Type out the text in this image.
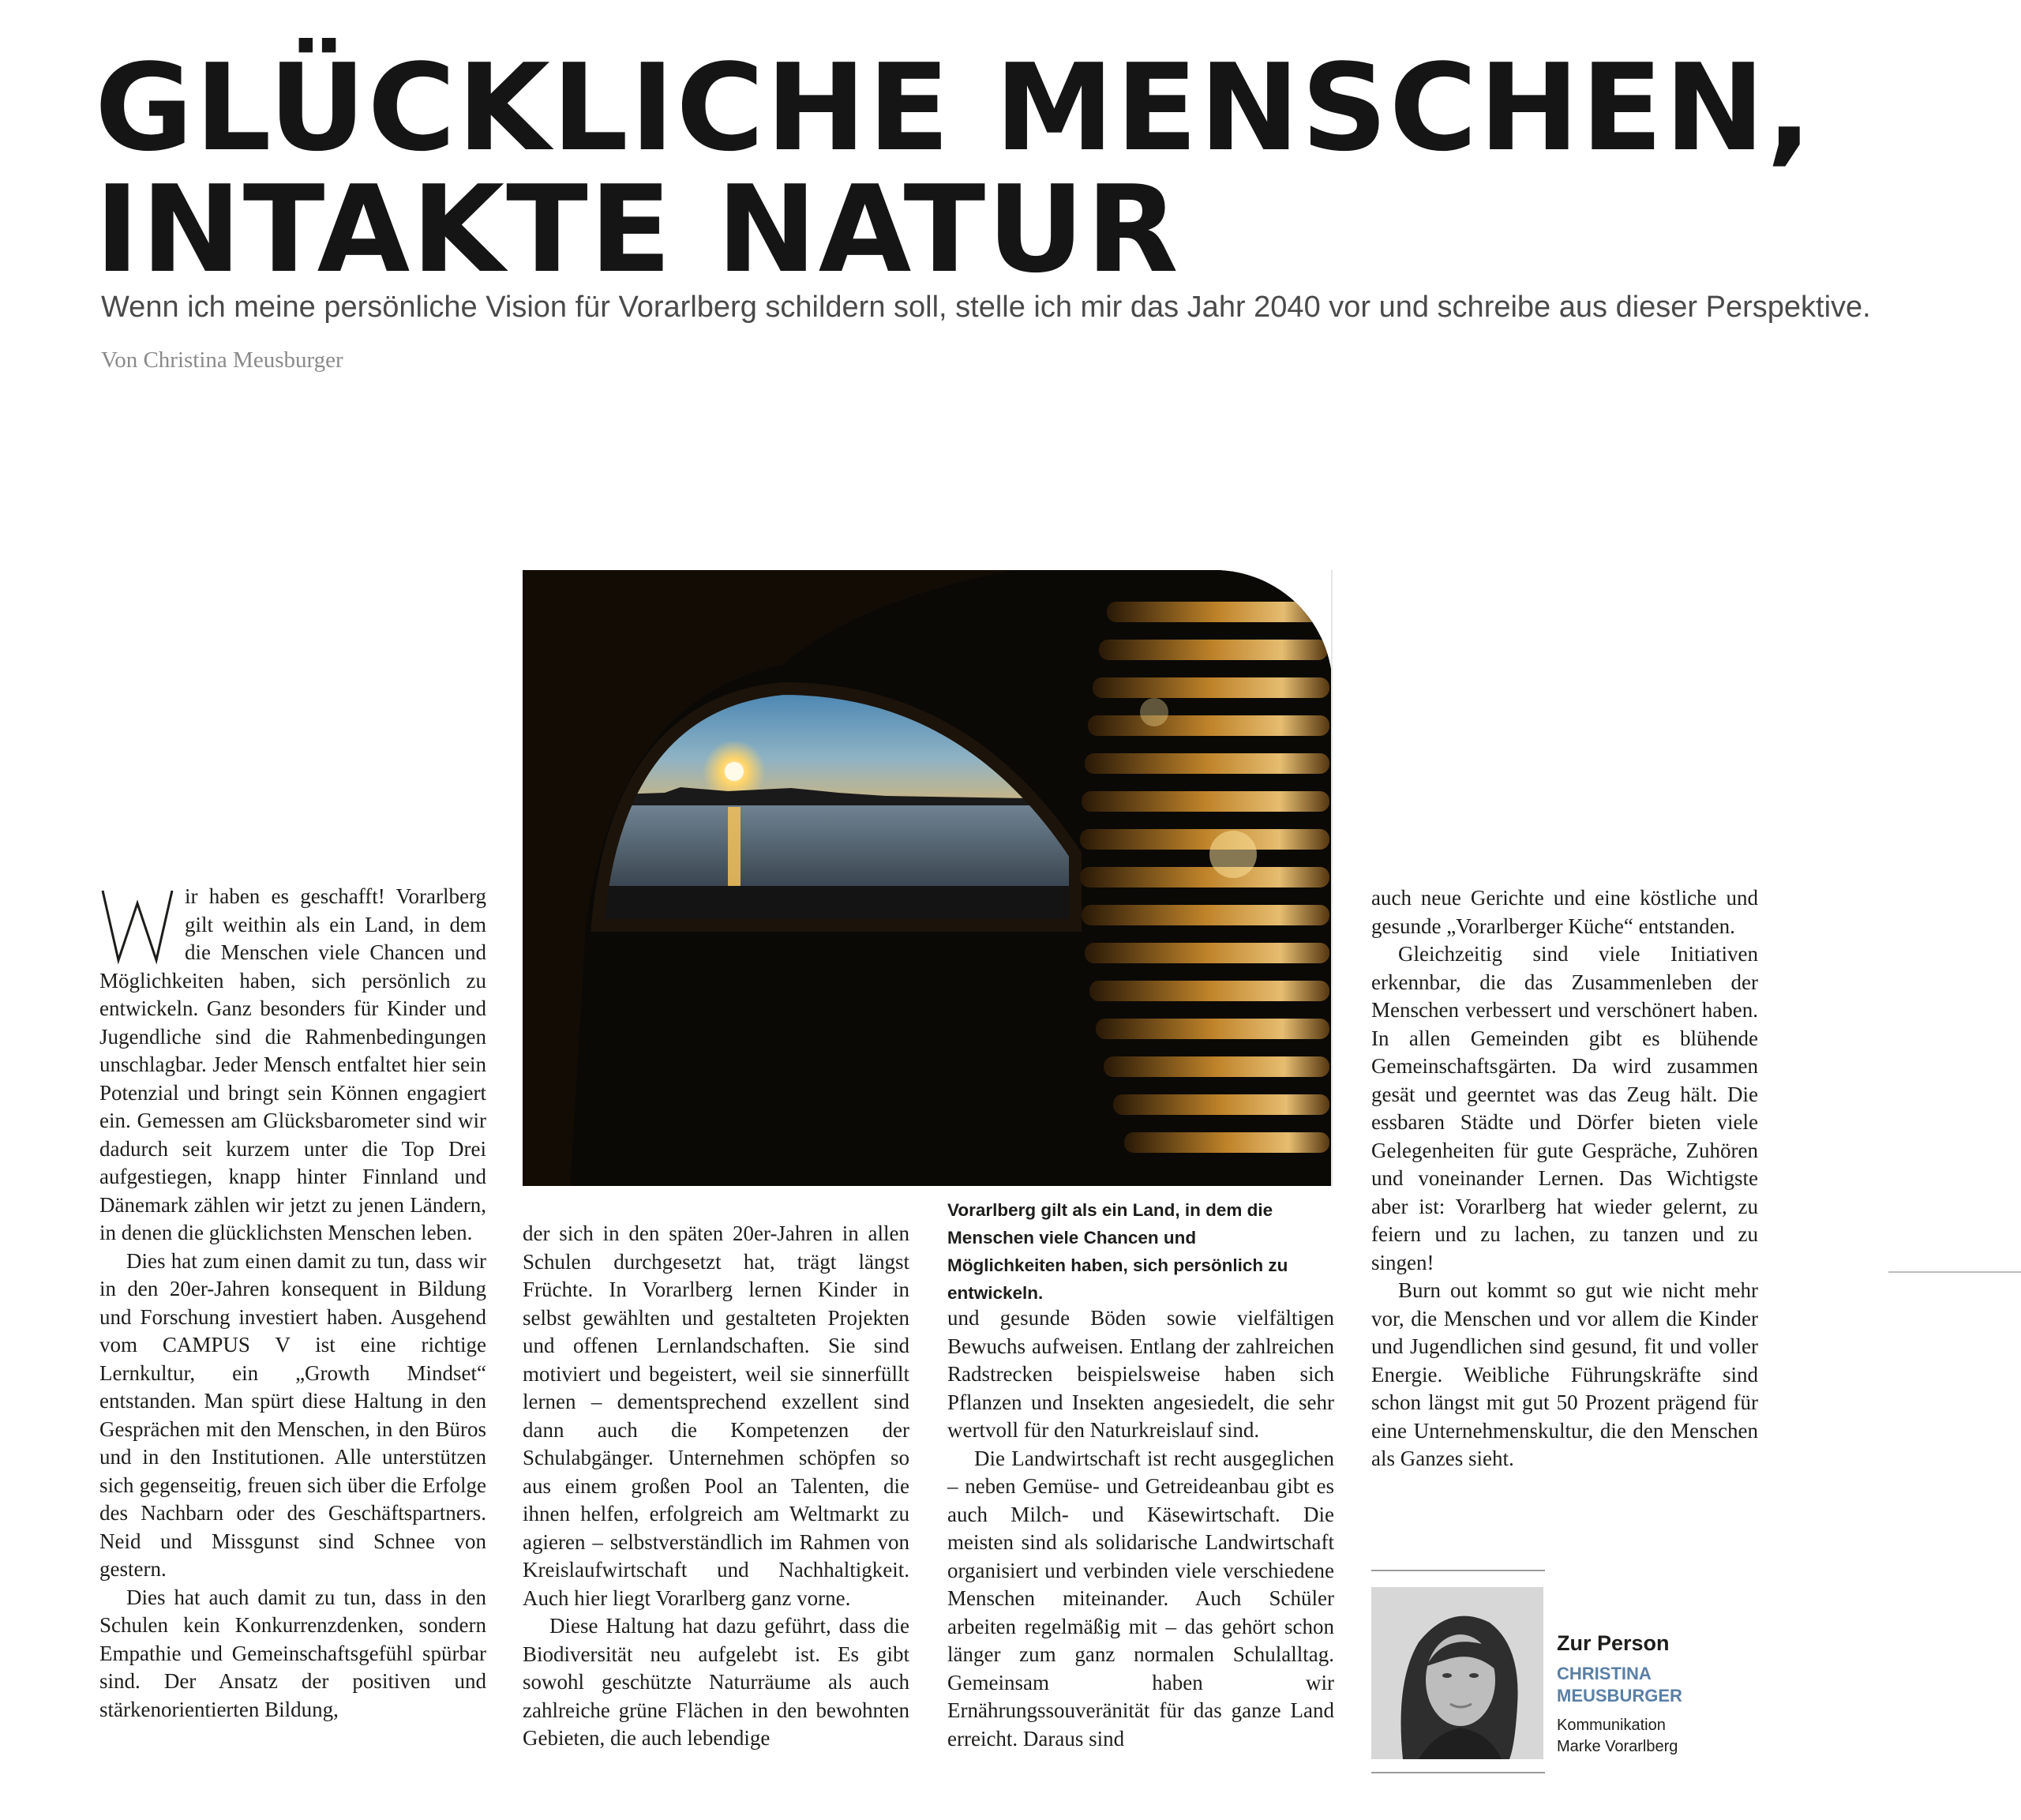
GLÜCKLICHE MENSCHEN,
INTAKTE NATUR

Wenn ich meine persönliche Vision für Vorarlberg schildern soll, stelle ich mir das Jahr 2040 vor und schreibe aus dieser Perspektive.

Von Christina Meusburger

Vorarlberg gilt als ein Land, in dem die Menschen viele Chancen und Möglichkeiten haben, sich persönlich zu entwickeln.

ir haben es geschafft! Vorarlberg gilt weithin als ein Land, in dem die Menschen viele Chancen und Möglichkeiten haben, sich persönlich zu entwickeln. Ganz besonders für Kinder und Jugendliche sind die Rahmenbedingungen unschlagbar. Jeder Mensch entfaltet hier sein Potenzial und bringt sein Können engagiert ein. Gemessen am Glücksbarometer sind wir dadurch seit kurzem unter die Top Drei aufgestiegen, knapp hinter Finnland und Dänemark zählen wir jetzt zu jenen Ländern, in denen die glücklichsten Menschen leben.

Dies hat zum einen damit zu tun, dass wir in den 20er-Jahren konsequent in Bildung und Forschung investiert haben. Ausgehend vom CAMPUS V ist eine richtige Lernkultur, ein „Growth Mindset“ entstanden. Man spürt diese Haltung in den Gesprächen mit den Menschen, in den Büros und in den Institutionen. Alle unterstützen sich gegenseitig, freuen sich über die Erfolge des Nachbarn oder des Geschäftspartners. Neid und Missgunst sind Schnee von gestern.

Dies hat auch damit zu tun, dass in den Schulen kein Konkurrenzdenken, sondern Empathie und Gemeinschaftsgefühl spürbar sind. Der Ansatz der positiven und stärkenorientierten Bildung,

der sich in den späten 20er-Jahren in allen Schulen durchgesetzt hat, trägt längst Früchte. In Vorarlberg lernen Kinder in selbst gewählten und gestalteten Projekten und offenen Lernlandschaften. Sie sind motiviert und begeistert, weil sie sinnerfüllt lernen – dementsprechend exzellent sind dann auch die Kompetenzen der Schulabgänger. Unternehmen schöpfen so aus einem großen Pool an Talenten, die ihnen helfen, erfolgreich am Weltmarkt zu agieren – selbstverständlich im Rahmen von Kreislaufwirtschaft und Nachhaltigkeit. Auch hier liegt Vorarlberg ganz vorne.

Diese Haltung hat dazu geführt, dass die Biodiversität neu aufgelebt ist. Es gibt sowohl geschützte Naturräume als auch zahlreiche grüne Flächen in den bewohnten Gebieten, die auch lebendige

und gesunde Böden sowie vielfältigen Bewuchs aufweisen. Entlang der zahlreichen Radstrecken beispielsweise haben sich Pflanzen und Insekten angesiedelt, die sehr wertvoll für den Naturkreislauf sind.

Die Landwirtschaft ist recht ausgeglichen – neben Gemüse- und Getreideanbau gibt es auch Milch- und Käsewirtschaft. Die meisten sind als solidarische Landwirtschaft organisiert und verbinden viele verschiedene Menschen miteinander. Auch Schüler arbeiten regelmäßig mit – das gehört schon länger zum ganz normalen Schulalltag. Gemeinsam haben wir Ernährungssouveränität für das ganze Land erreicht. Daraus sind

auch neue Gerichte und eine köstliche und gesunde „Vorarlberger Küche“ entstanden.

Gleichzeitig sind viele Initiativen erkennbar, die das Zusammenleben der Menschen verbessert und verschönert haben. In allen Gemeinden gibt es blühende Gemeinschaftsgärten. Da wird zusammen gesät und geerntet was das Zeug hält. Die essbaren Städte und Dörfer bieten viele Gelegenheiten für gute Gespräche, Zuhören und voneinander Lernen. Das Wichtigste aber ist: Vorarlberg hat wieder gelernt, zu feiern und zu lachen, zu tanzen und zu singen!

Burn out kommt so gut wie nicht mehr vor, die Menschen und vor allem die Kinder und Jugendlichen sind gesund, fit und voller Energie. Weibliche Führungskräfte sind schon längst mit gut 50 Prozent prägend für eine Unternehmenskultur, die den Menschen als Ganzes sieht.

Zur Person

CHRISTINA
MEUSBURGER

Kommunikation
Marke Vorarlberg
